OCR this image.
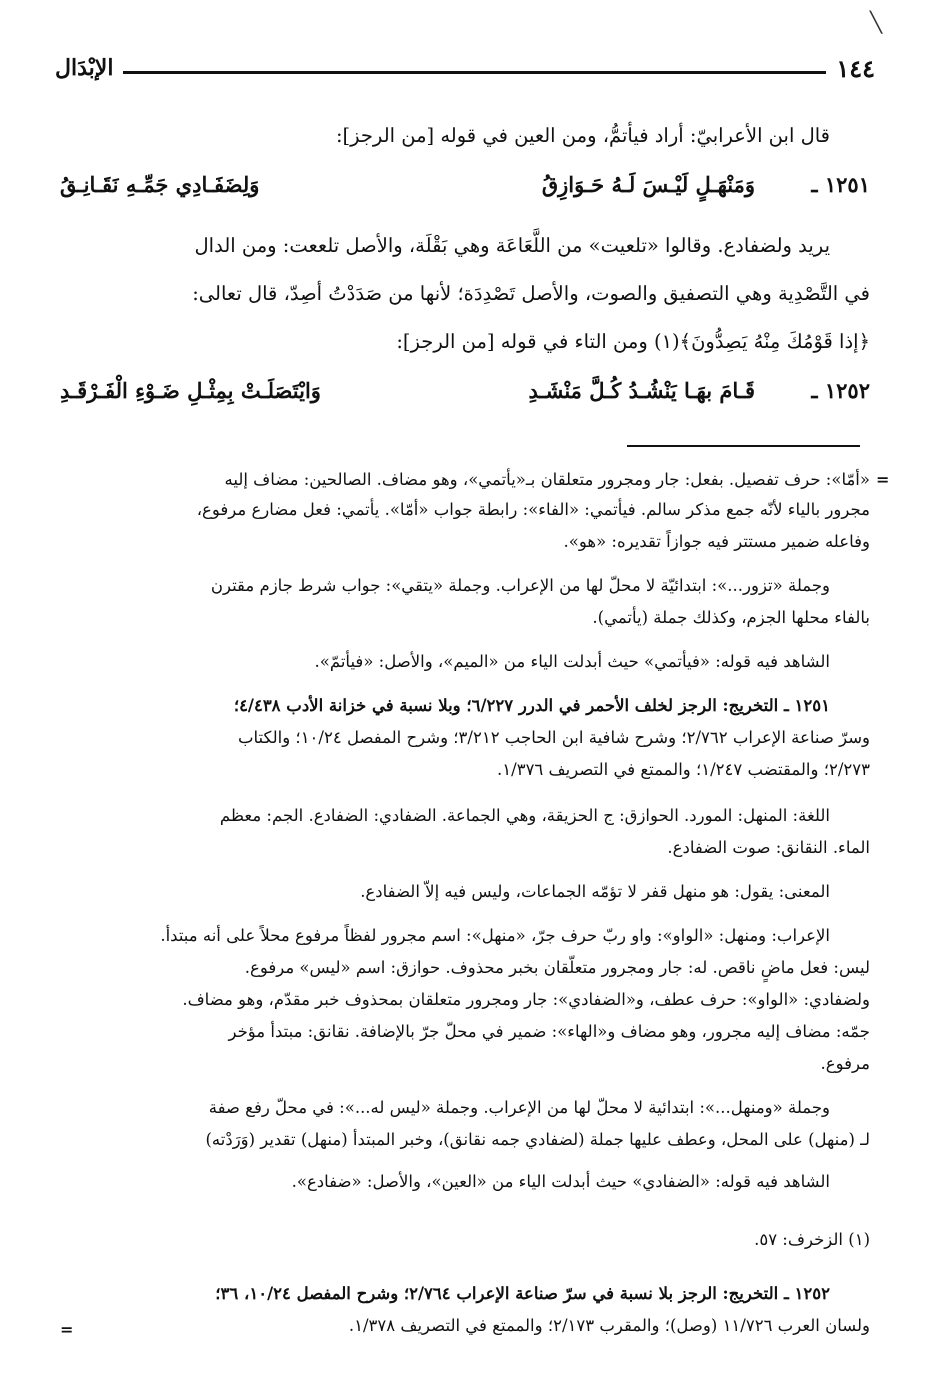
╲
١٤٤
الإبْدَال
قال ابن الأعرابيّ: أراد فيأتمُّ، ومن العين في قوله [من الرجز]:
١٢٥١ ـ
وَمَنْهَـلٍ لَيْـسَ لَـهُ حَـوَازِقُ
وَلِضَفَـادِي جَمِّـهِ نَقَـانِـقُ
يريد ولضفادع. وقالوا «تلعيت» من اللَّعَاعَة وهي بَقْلَة، والأصل تلععت: ومن الدال
في التَّصْدِية وهي التصفيق والصوت، والأصل تَصْدِدَة؛ لأنها من صَدَدْتُ أصِدّ، قال تعالى:
﴿إذا قَوْمُكَ مِنْهُ يَصِدُّونَ﴾(١) ومن التاء في قوله [من الرجز]:
١٢٥٢ ـ
قَـامَ بهَـا يَنْشُـدُ كُـلَّ مَنْشَـدِ
وَايْتَصَلَـتْ بِمِثْـلِ ضَـوْءِ الْفَـرْقَـدِ
=
«أمّا»: حرف تفصيل. بفعل: جار ومجرور متعلقان بـ«يأتمي»، وهو مضاف. الصالحين: مضاف إليه
مجرور بالياء لأنّه جمع مذكر سالم. فيأتمي: «الفاء»: رابطة جواب «أمّا». يأتمي: فعل مضارع مرفوع،
وفاعله ضمير مستتر فيه جوازاً تقديره: «هو».
وجملة «تزور...»: ابتدائيّة لا محلّ لها من الإعراب. وجملة «يتقي»: جواب شرط جازم مقترن
بالفاء محلها الجزم، وكذلك جملة (يأتمي).
الشاهد فيه قوله: «فيأتمي» حيث أبدلت الياء من «الميم»، والأصل: «فيأتمّ».
١٢٥١ ـ التخريج: الرجز لخلف الأحمر في الدرر ٦/٢٢٧؛ وبلا نسبة في خزانة الأدب ٤/٤٣٨؛
وسرّ صناعة الإعراب ٢/٧٦٢؛ وشرح شافية ابن الحاجب ٣/٢١٢؛ وشرح المفصل ١٠/٢٤؛ والكتاب
٢/٢٧٣؛ والمقتضب ١/٢٤٧؛ والممتع في التصريف ١/٣٧٦.
اللغة: المنهل: المورد. الحوازق: ج الحزيقة، وهي الجماعة. الضفادي: الضفادع. الجم: معظم
الماء. النقانق: صوت الضفادع.
المعنى: يقول: هو منهل قفر لا تؤمّه الجماعات، وليس فيه إلاّ الضفادع.
الإعراب: ومنهل: «الواو»: واو ربّ حرف جرّ، «منهل»: اسم مجرور لفظاً مرفوع محلاً على أنه مبتدأ.
ليس: فعل ماضٍ ناقص. له: جار ومجرور متعلّقان بخبر محذوف. حوازق: اسم «ليس» مرفوع.
ولضفادي: «الواو»: حرف عطف، و«الضفادي»: جار ومجرور متعلقان بمحذوف خبر مقدّم، وهو مضاف.
جمّه: مضاف إليه مجرور، وهو مضاف و«الهاء»: ضمير في محلّ جرّ بالإضافة. نقانق: مبتدأ مؤخر
مرفوع.
وجملة «ومنهل...»: ابتدائية لا محلّ لها من الإعراب. وجملة «ليس له...»: في محلّ رفع صفة
لـ (منهل) على المحل، وعطف عليها جملة (لضفادي جمه نقانق)، وخبر المبتدأ (منهل) تقدير (وَرَدْته)
الشاهد فيه قوله: «الضفادي» حيث أبدلت الياء من «العين»، والأصل: «ضفادع».
(١) الزخرف: ٥٧.
١٢٥٢ ـ التخريج: الرجز بلا نسبة في سرّ صناعة الإعراب ٢/٧٦٤؛ وشرح المفصل ١٠/٢٤، ٣٦؛
ولسان العرب ١١/٧٢٦ (وصل)؛ والمقرب ٢/١٧٣؛ والممتع في التصريف ١/٣٧٨.
=
